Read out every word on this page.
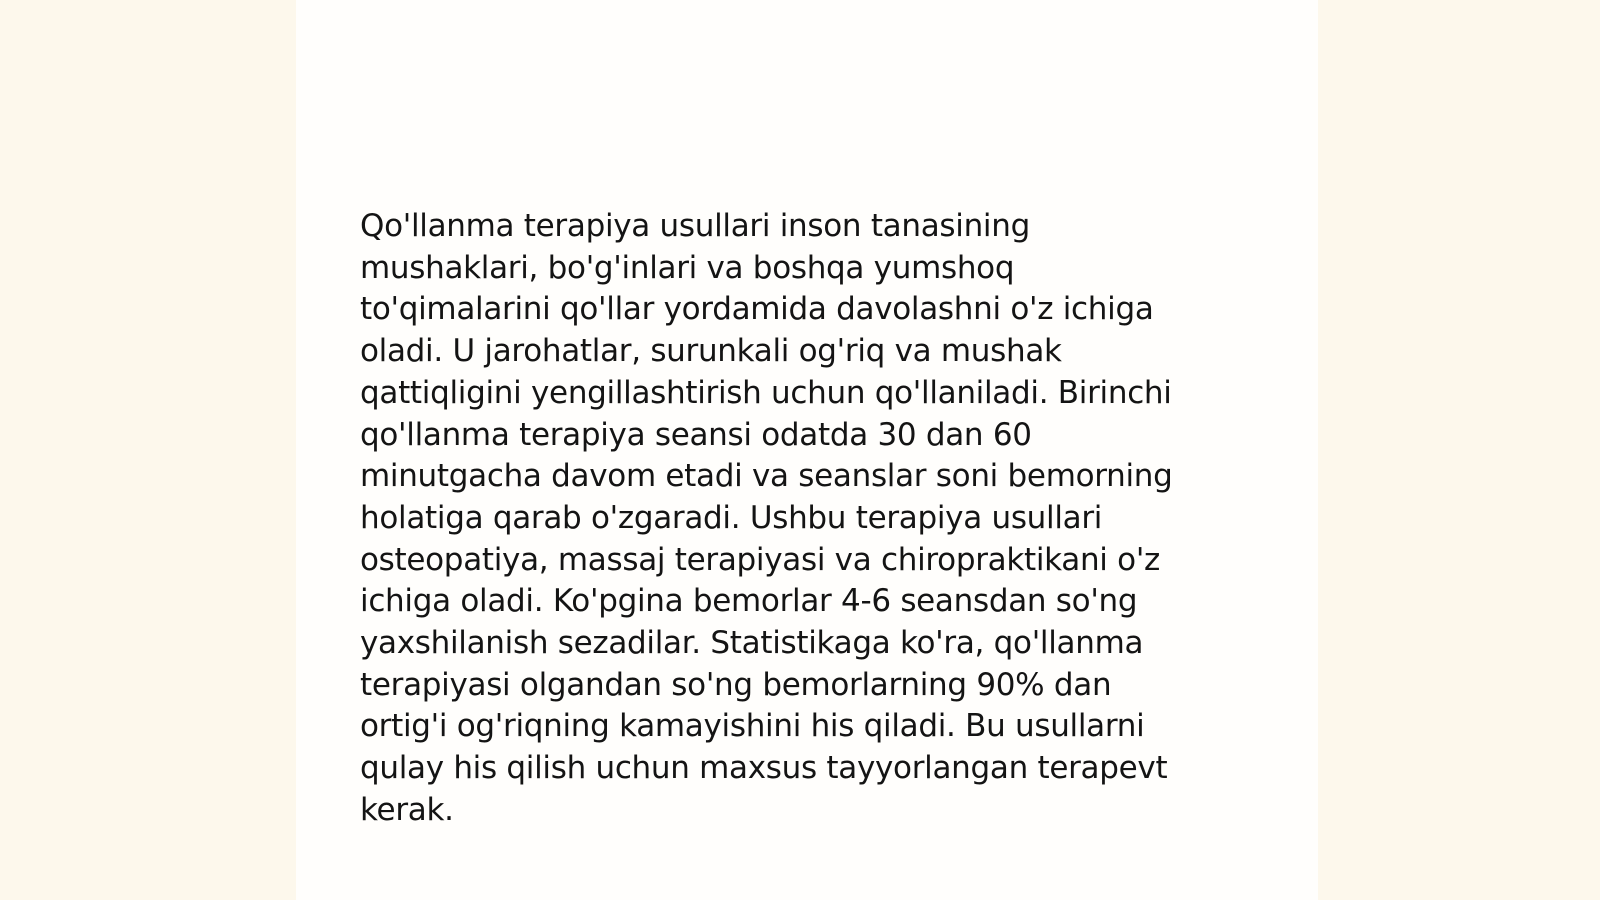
Qo'llanma terapiya usullari inson tanasining
mushaklari, bo'g'inlari va boshqa yumshoq
to'qimalarini qo'llar yordamida davolashni o'z ichiga
oladi. U jarohatlar, surunkali og'riq va mushak
qattiqligini yengillashtirish uchun qo'llaniladi. Birinchi
qo'llanma terapiya seansi odatda 30 dan 60
minutgacha davom etadi va seanslar soni bemorning
holatiga qarab o'zgaradi. Ushbu terapiya usullari
osteopatiya, massaj terapiyasi va chiropraktikani o'z
ichiga oladi. Ko'pgina bemorlar 4-6 seansdan so'ng
yaxshilanish sezadilar. Statistikaga ko'ra, qo'llanma
terapiyasi olgandan so'ng bemorlarning 90% dan
ortig'i og'riqning kamayishini his qiladi. Bu usullarni
qulay his qilish uchun maxsus tayyorlangan terapevt
kerak.
